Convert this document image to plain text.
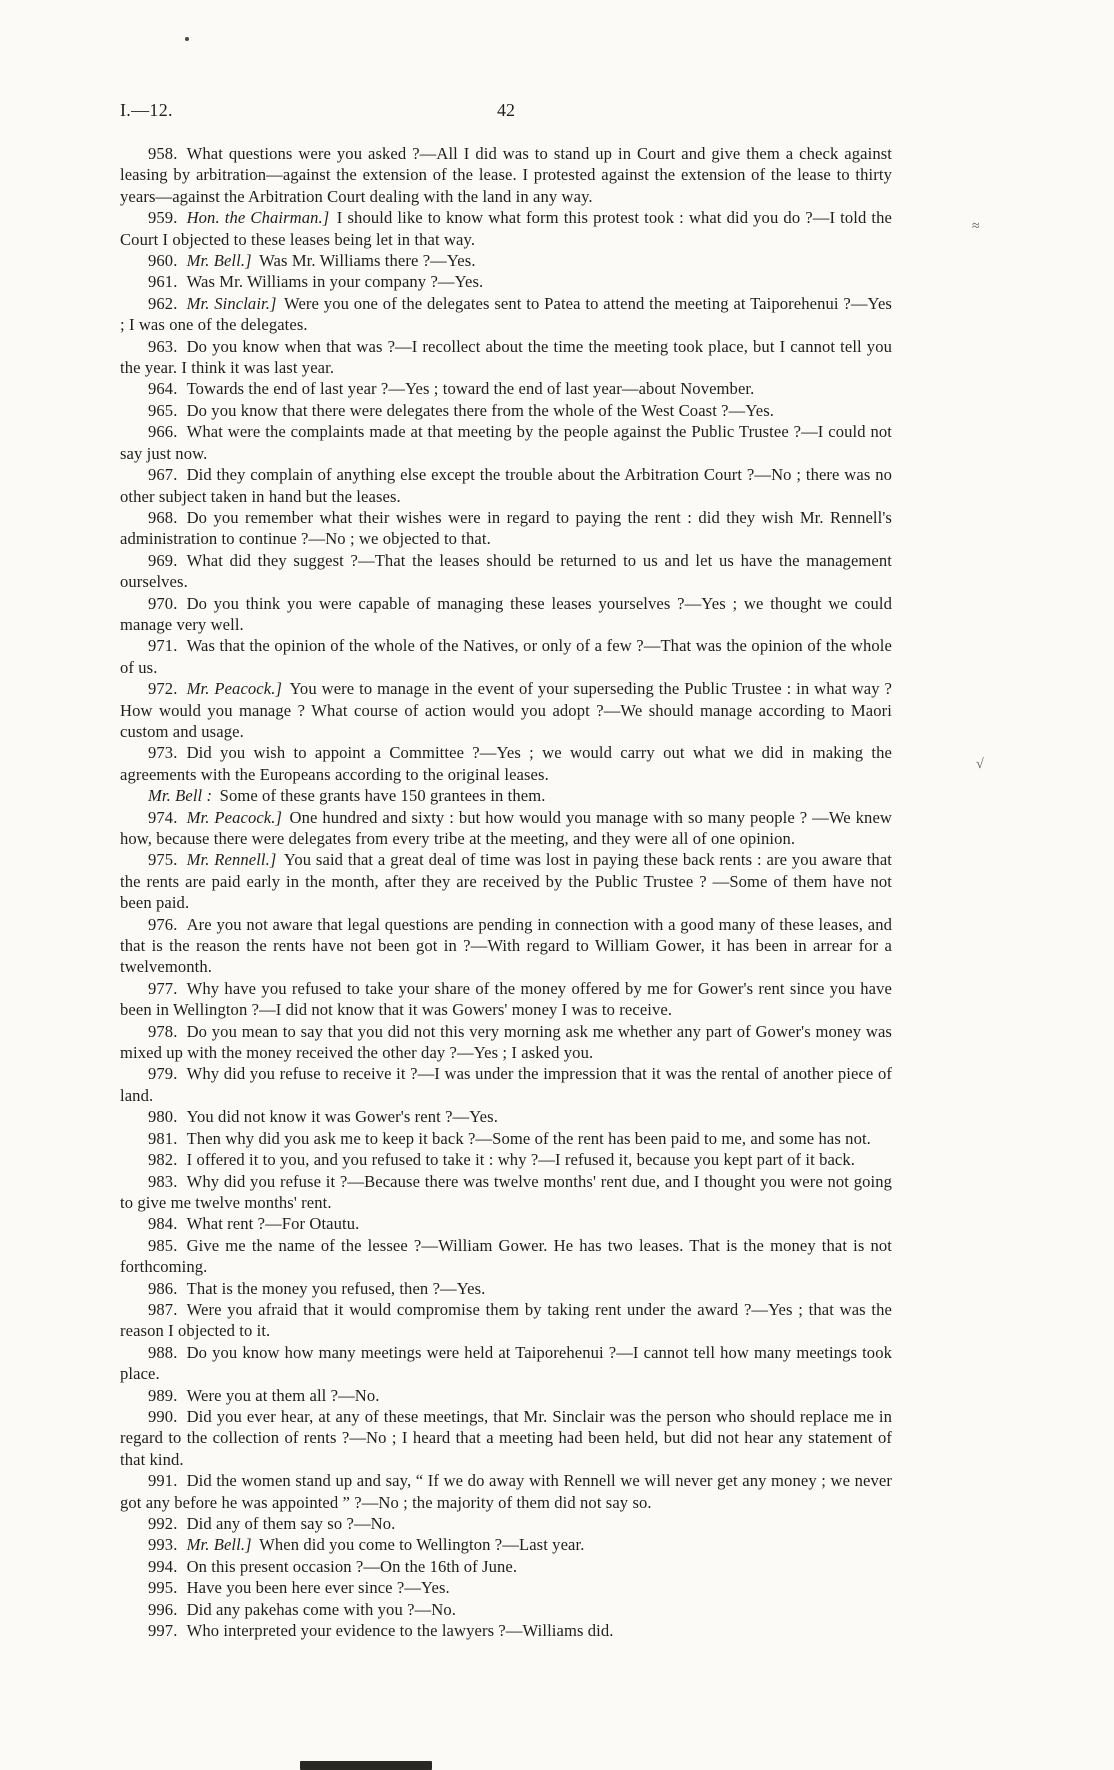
I.—12.	42

958. What questions were you asked ?—All I did was to stand up in Court and give them a check against leasing by arbitration—against the extension of the lease. I protested against the extension of the lease to thirty years—against the Arbitration Court dealing with the land in any way.

959. Hon. the Chairman.] I should like to know what form this protest took : what did you do ?—I told the Court I objected to these leases being let in that way.

960. Mr. Bell.] Was Mr. Williams there ?—Yes.

961. Was Mr. Williams in your company ?—Yes.

962. Mr. Sinclair.] Were you one of the delegates sent to Patea to attend the meeting at Taiporehenui ?—Yes ; I was one of the delegates.

963. Do you know when that was ?—I recollect about the time the meeting took place, but I cannot tell you the year. I think it was last year.

964. Towards the end of last year ?—Yes ; toward the end of last year—about November.

965. Do you know that there were delegates there from the whole of the West Coast ?—Yes.

966. What were the complaints made at that meeting by the people against the Public Trustee ?—I could not say just now.

967. Did they complain of anything else except the trouble about the Arbitration Court ?—No ; there was no other subject taken in hand but the leases.

968. Do you remember what their wishes were in regard to paying the rent : did they wish Mr. Rennell's administration to continue ?—No ; we objected to that.

969. What did they suggest ?—That the leases should be returned to us and let us have the management ourselves.

970. Do you think you were capable of managing these leases yourselves ?—Yes ; we thought we could manage very well.

971. Was that the opinion of the whole of the Natives, or only of a few ?—That was the opinion of the whole of us.

972. Mr. Peacock.] You were to manage in the event of your superseding the Public Trustee : in what way ? How would you manage ? What course of action would you adopt ?—We should manage according to Maori custom and usage.

973. Did you wish to appoint a Committee ?—Yes ; we would carry out what we did in making the agreements with the Europeans according to the original leases.

Mr. Bell : Some of these grants have 150 grantees in them.

974. Mr. Peacock.] One hundred and sixty : but how would you manage with so many people ? —We knew how, because there were delegates from every tribe at the meeting, and they were all of one opinion.

975. Mr. Rennell.] You said that a great deal of time was lost in paying these back rents : are you aware that the rents are paid early in the month, after they are received by the Public Trustee ? —Some of them have not been paid.

976. Are you not aware that legal questions are pending in connection with a good many of these leases, and that is the reason the rents have not been got in ?—With regard to William Gower, it has been in arrear for a twelvemonth.

977. Why have you refused to take your share of the money offered by me for Gower's rent since you have been in Wellington ?—I did not know that it was Gowers' money I was to receive.

978. Do you mean to say that you did not this very morning ask me whether any part of Gower's money was mixed up with the money received the other day ?—Yes ; I asked you.

979. Why did you refuse to receive it ?—I was under the impression that it was the rental of another piece of land.

980. You did not know it was Gower's rent ?—Yes.

981. Then why did you ask me to keep it back ?—Some of the rent has been paid to me, and some has not.

982. I offered it to you, and you refused to take it : why ?—I refused it, because you kept part of it back.

983. Why did you refuse it ?—Because there was twelve months' rent due, and I thought you were not going to give me twelve months' rent.

984. What rent ?—For Otautu.

985. Give me the name of the lessee ?—William Gower. He has two leases. That is the money that is not forthcoming.

986. That is the money you refused, then ?—Yes.

987. Were you afraid that it would compromise them by taking rent under the award ?—Yes ; that was the reason I objected to it.

988. Do you know how many meetings were held at Taiporehenui ?—I cannot tell how many meetings took place.

989. Were you at them all ?—No.

990. Did you ever hear, at any of these meetings, that Mr. Sinclair was the person who should replace me in regard to the collection of rents ?—No ; I heard that a meeting had been held, but did not hear any statement of that kind.

991. Did the women stand up and say, “ If we do away with Rennell we will never get any money ; we never got any before he was appointed ” ?—No ; the majority of them did not say so.

992. Did any of them say so ?—No.

993. Mr. Bell.] When did you come to Wellington ?—Last year.

994. On this present occasion ?—On the 16th of June.

995. Have you been here ever since ?—Yes.

996. Did any pakehas come with you ?—No.

997. Who interpreted your evidence to the lawyers ?—Williams did.

≈
√
